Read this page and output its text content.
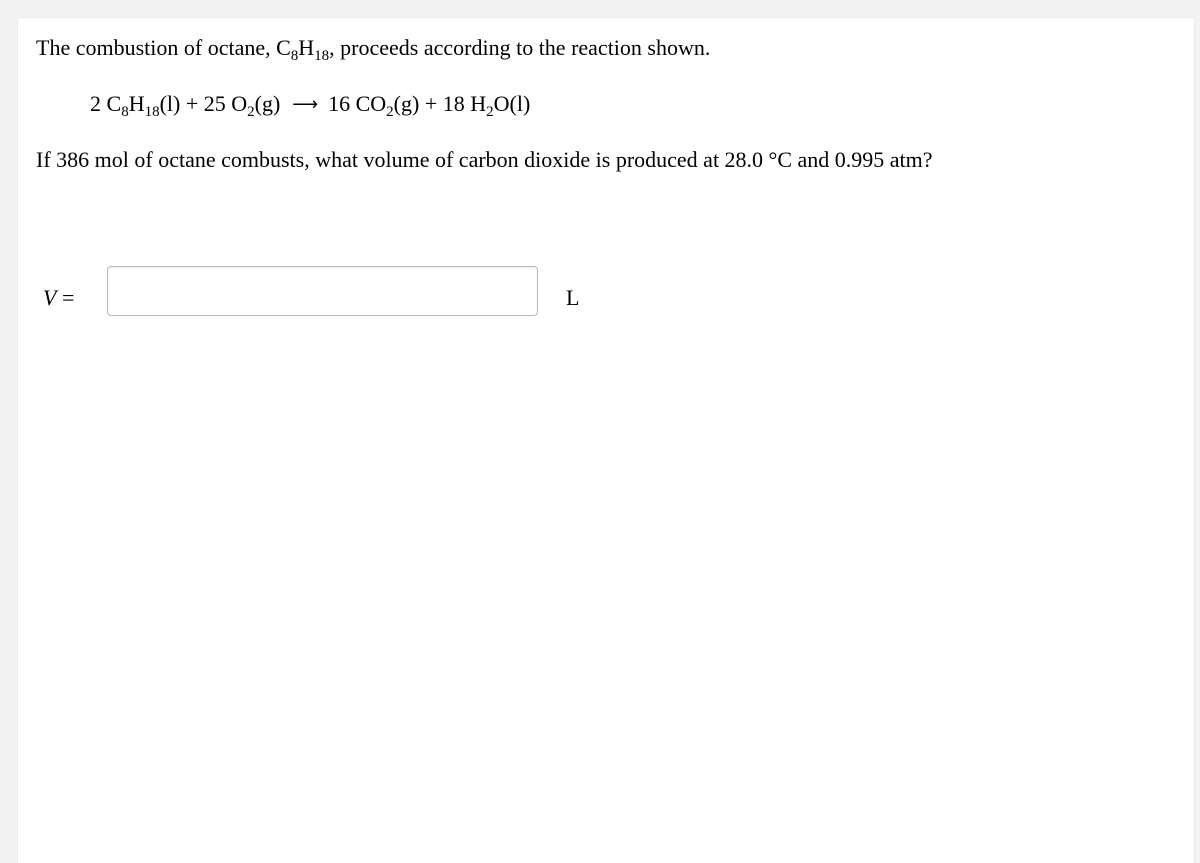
The combustion of octane, $C_8H_{18}$, proceeds according to the reaction shown.
2 $C_8H_{18}(l) + 25$ $O_2(g)$ ⟶ 16 $CO_2(g) + 18$ $H_2O(l)$
If 386 mol of octane combusts, what volume of carbon dioxide is produced at 28.0 °C and 0.995 atm?
V =	L
